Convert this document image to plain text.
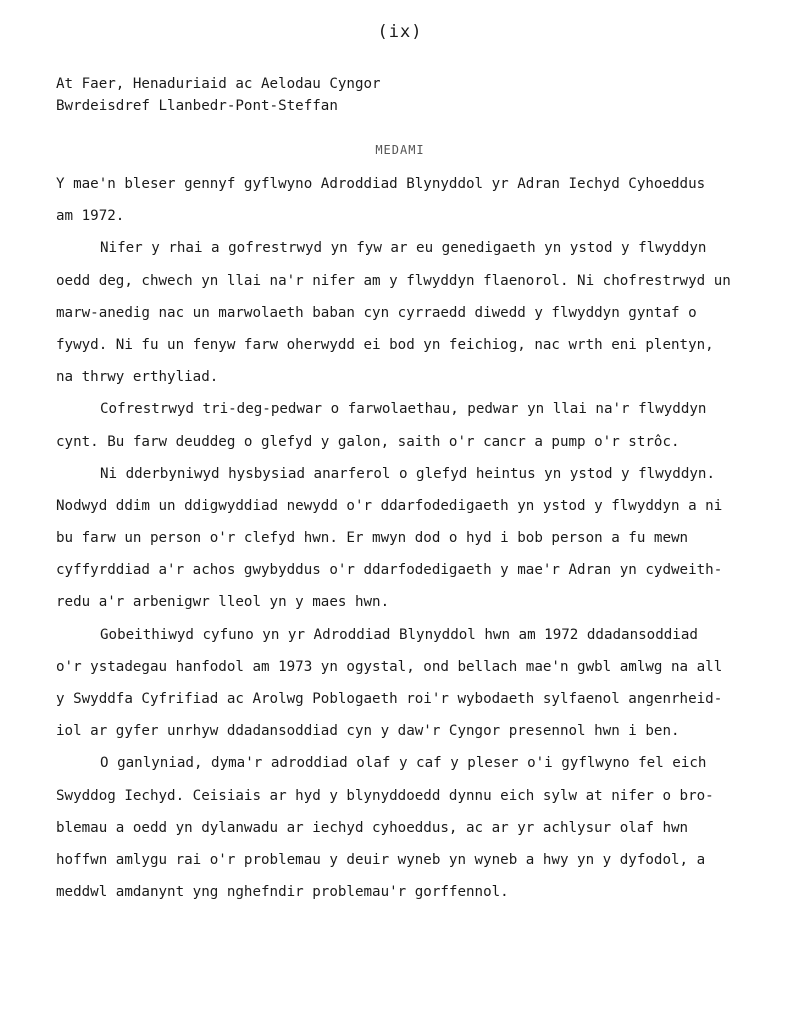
(ix)
At Faer, Henaduriaid ac Aelodau Cyngor
Bwrdeisdref Llanbedr-Pont-Steffan
MEDAMI
Y mae'n bleser gennyf gyflwyno Adroddiad Blynyddol yr Adran Iechyd Cyhoeddus
am 1972.
Nifer y rhai a gofrestrwyd yn fyw ar eu genedigaeth yn ystod y flwyddyn
oedd deg, chwech yn llai na'r nifer am y flwyddyn flaenorol. Ni chofrestrwyd un
marw-anedig nac un marwolaeth baban cyn cyrraedd diwedd y flwyddyn gyntaf o
fywyd. Ni fu un fenyw farw oherwydd ei bod yn feichiog, nac wrth eni plentyn,
na thrwy erthyliad.
Cofrestrwyd tri-deg-pedwar o farwolaethau, pedwar yn llai na'r flwyddyn
cynt. Bu farw deuddeg o glefyd y galon, saith o'r cancr a pump o'r strôc.
Ni dderbyniwyd hysbysiad anarferol o glefyd heintus yn ystod y flwyddyn.
Nodwyd ddim un ddigwyddiad newydd o'r ddarfodedigaeth yn ystod y flwyddyn a ni
bu farw un person o'r clefyd hwn. Er mwyn dod o hyd i bob person a fu mewn
cyffyrddiad a'r achos gwybyddus o'r ddarfodedigaeth y mae'r Adran yn cydweith-
redu a'r arbenigwr lleol yn y maes hwn.
Gobeithiwyd cyfuno yn yr Adroddiad Blynyddol hwn am 1972 ddadansoddiad
o'r ystadegau hanfodol am 1973 yn ogystal, ond bellach mae'n gwbl amlwg na all
y Swyddfa Cyfrifiad ac Arolwg Poblogaeth roi'r wybodaeth sylfaenol angenrheid-
iol ar gyfer unrhyw ddadansoddiad cyn y daw'r Cyngor presennol hwn i ben.
O ganlyniad, dyma'r adroddiad olaf y caf y pleser o'i gyflwyno fel eich
Swyddog Iechyd. Ceisiais ar hyd y blynyddoedd dynnu eich sylw at nifer o bro-
blemau a oedd yn dylanwadu ar iechyd cyhoeddus, ac ar yr achlysur olaf hwn
hoffwn amlygu rai o'r problemau y deuir wyneb yn wyneb a hwy yn y dyfodol, a
meddwl amdanynt yng nghefndir problemau'r gorffennol.
